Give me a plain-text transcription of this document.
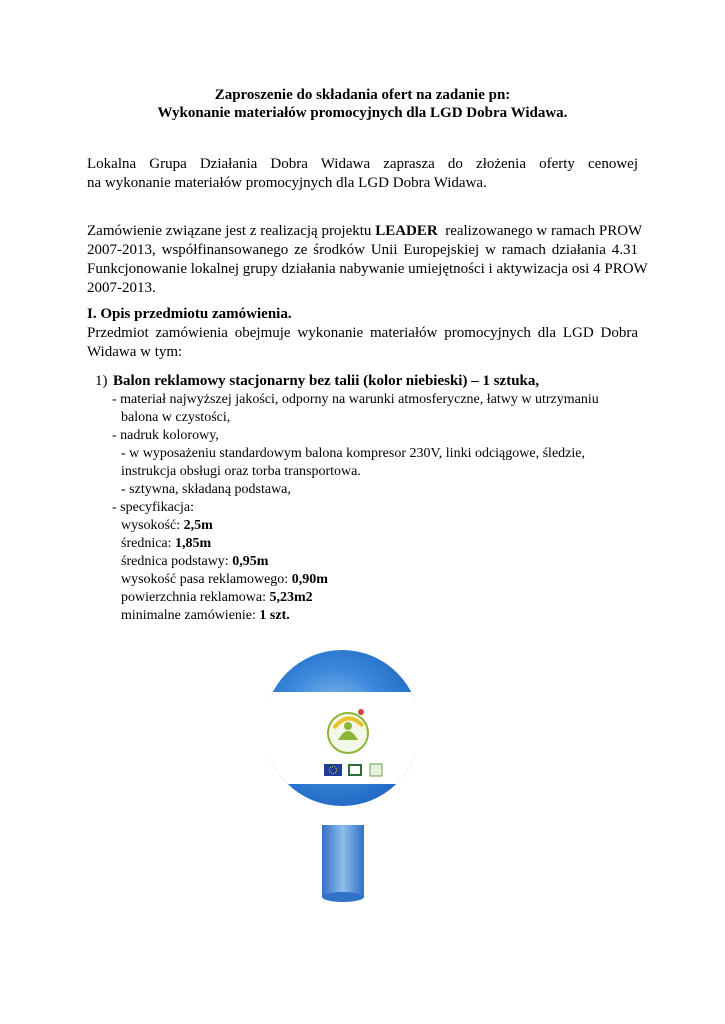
Zaproszenie do składania ofert na zadanie pn:
Wykonanie materiałów promocyjnych dla LGD Dobra Widawa.
Lokalna Grupa Działania Dobra Widawa zaprasza do złożenia oferty cenowej
na wykonanie materiałów promocyjnych dla LGD Dobra Widawa.
Zamówienie związane jest z realizacją projektu LEADER  realizowanego w ramach PROW
2007-2013, współfinansowanego ze środków Unii Europejskiej w ramach działania 4.31
Funkcjonowanie lokalnej grupy działania nabywanie umiejętności i aktywizacja osi 4 PROW
2007-2013.
I. Opis przedmiotu zamówienia.
Przedmiot zamówienia obejmuje wykonanie materiałów promocyjnych dla LGD Dobra
Widawa w tym:
1) Balon reklamowy stacjonarny bez talii (kolor niebieski) – 1 sztuka,
- materiał najwyższej jakości, odporny na warunki atmosferyczne, łatwy w utrzymaniu
balona w czystości,
- nadruk kolorowy,
- w wyposażeniu standardowym balona kompresor 230V, linki odciągowe, śledzie,
instrukcja obsługi oraz torba transportowa.
- sztywna, składaną podstawa,
- specyfikacja:
wysokość: 2,5m
średnica: 1,85m
średnica podstawy: 0,95m
wysokość pasa reklamowego: 0,90m
powierzchnia reklamowa: 5,23m2
minimalne zamówienie: 1 szt.
